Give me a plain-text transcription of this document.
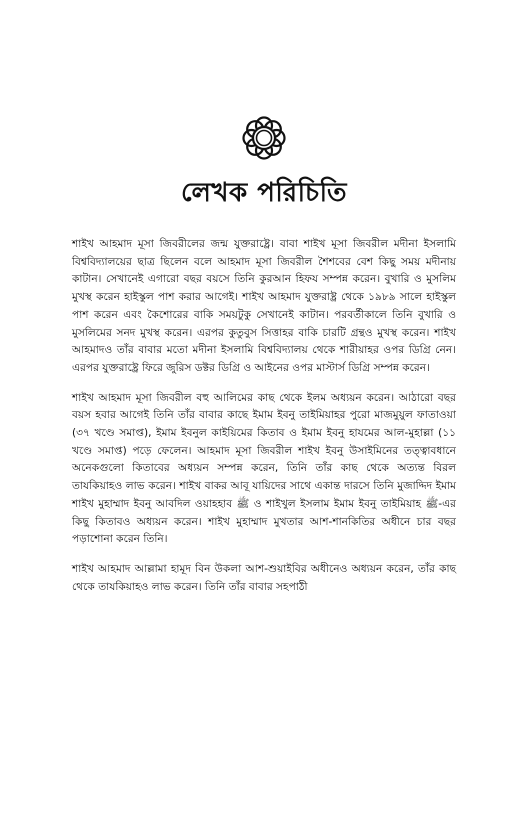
লেখক পরিচিতি

শাইখ আহমাদ মূসা জিবরীলের জন্ম যুক্তরাষ্ট্রে। বাবা শাইখ মূসা জিবরীল মদীনা ইসলামি বিশ্ববিদ্যালয়ের ছাত্র ছিলেন বলে আহমাদ মূসা জিবরীল শৈশবের বেশ কিছু সময় মদীনায় কাটান। সেখানেই এগারো বছর বয়সে তিনি কুরআন হিফয সম্পন্ন করেন। বুখারি ও মুসলিম মুখস্থ করেন হাইস্কুল পাশ করার আগেই। শাইখ আহমাদ যুক্তরাষ্ট্র থেকে ১৯৮৯ সালে হাইস্কুল পাশ করেন এবং কৈশোরের বাকি সময়টুকু সেখানেই কাটান। পরবর্তীকালে তিনি বুখারি ও মুসলিমের সনদ মুখস্থ করেন। এরপর কুতুবুস সিত্তাহর বাকি চারটি গ্রন্থও মুখস্থ করেন। শাইখ আহমাদও তাঁর বাবার মতো মদীনা ইসলামি বিশ্ববিদ্যালয় থেকে শারীয়াহর ওপর ডিগ্রি নেন। এরপর যুক্তরাষ্ট্রে ফিরে জুরিস ডক্টর ডিগ্রি ও আইনের ওপর মাস্টার্স ডিগ্রি সম্পন্ন করেন।

শাইখ আহমাদ মূসা জিবরীল বহু আলিমের কাছ থেকে ইলম অধ্যয়ন করেন। আঠারো বছর বয়স হবার আগেই তিনি তাঁর বাবার কাছে ইমাম ইবনু তাইমিয়াহর পুরো মাজমুয়ুল ফাতাওয়া (৩৭ খণ্ডে সমাপ্ত), ইমাম ইবনুল কাইয়িমের কিতাব ও ইমাম ইবনু হাযমের আল-মুহাল্লা (১১ খণ্ডে সমাপ্ত) পড়ে ফেলেন। আহমাদ মূসা জিবরীল শাইখ ইবনু উসাইমিনের তত্ত্বাবধানে অনেকগুলো কিতাবের অধ্যয়ন সম্পন্ন করেন, তিনি তাঁর কাছ থেকে অত্যন্ত বিরল তাযকিয়াহও লাভ করেন। শাইখ বাকর আবূ যায়িদের সাথে একান্ত দারসে তিনি মুজাদ্দিদ ইমাম শাইখ মুহাম্মাদ ইবনু আবদিল ওয়াহহাব ﷺ ও শাইখুল ইসলাম ইমাম ইবনু তাইমিয়াহ ﷺ-এর কিছু কিতাবও অধ্যয়ন করেন। শাইখ মুহাম্মাদ মুখতার আশ-শানকিতির অধীনে চার বছর পড়াশোনা করেন তিনি।

শাইখ আহমাদ আল্লামা হামূদ বিন উকলা আশ-শুয়াইবির অধীনেও অধ্যয়ন করেন, তাঁর কাছ থেকে তাযকিয়াহও লাভ করেন। তিনি তাঁর বাবার সহপাঠী
